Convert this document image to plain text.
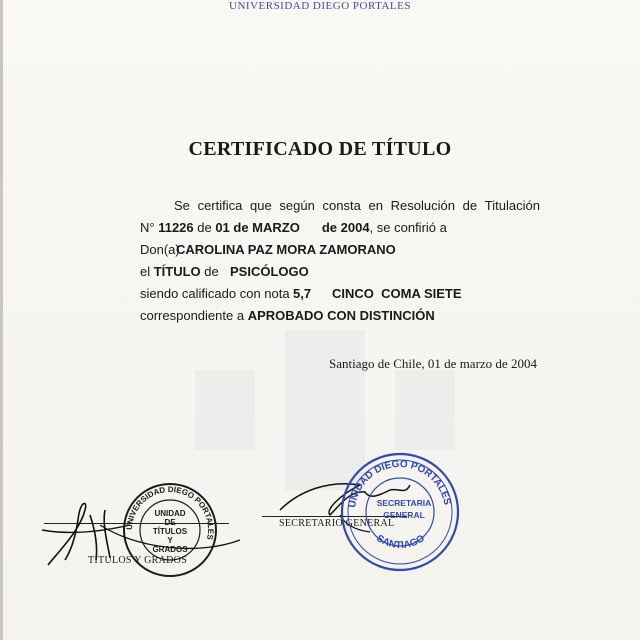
UNIVERSIDAD DIEGO PORTALES
CERTIFICADO DE TÍTULO
Se certifica que según consta en Resolución de Titulación
N° 11226 de 01 de MARZO de 2004, se confirió a
Don(a)
CAROLINA PAZ MORA ZAMORANO
el TÍTULO de PSICÓLOGO
siendo calificado con nota 5,7 CINCO  COMA SIETE
correspondiente a APROBADO CON DISTINCIÓN
Santiago de Chile, 01 de marzo de 2004
TÍTULOS Y GRADOS
UNIVERSIDAD DIEGO PORTALES
UNIDAD
DE
TÍTULOS
Y
GRADOS
SECRETARIO GENERAL
UNIDAD DIEGO PORTALES
SANTIAGO
SECRETARIA
GENERAL
